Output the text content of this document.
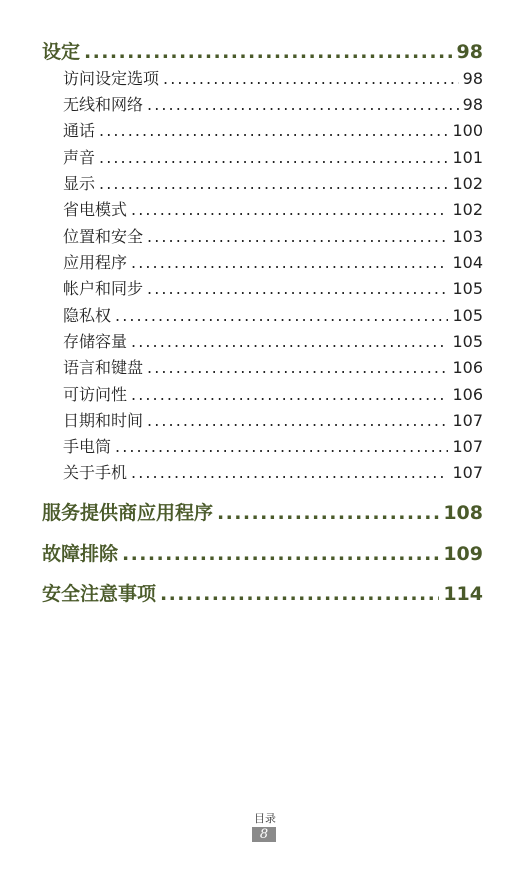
设定 . . .	98
访问设定选项 . . .	98
无线和网络 . . .	98
通话 . . .	100
声音 . . .	101
显示 . . .	102
省电模式 . . .	102
位置和安全 . . .	103
应用程序 . . .	104
帐户和同步 . . .	105
隐私权 . . .	105
存储容量 . . .	105
语言和键盘 . . .	106
可访问性 . . .	106
日期和时间 . . .	107
手电筒 . . .	107
关于手机 . . .	107
服务提供商应用程序 . . .	108
故障排除 . . .	109
安全注意事项 . . .	114
目录
8
